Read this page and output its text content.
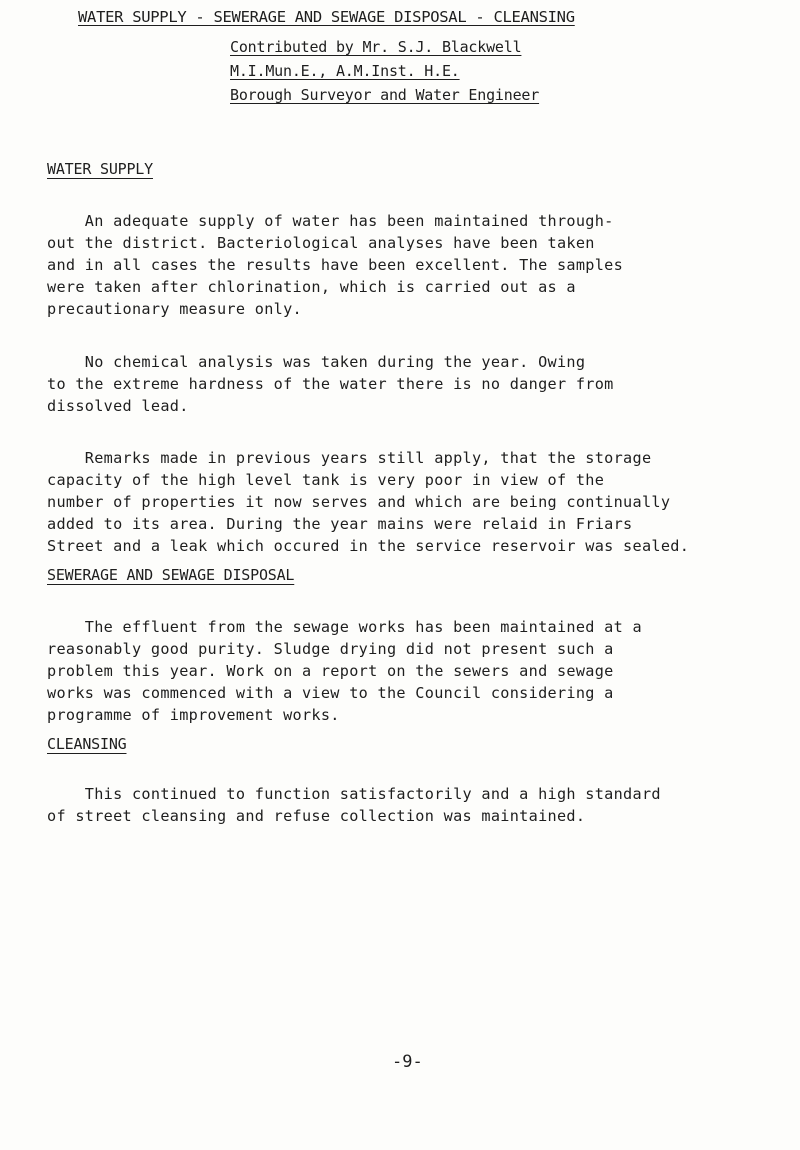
WATER SUPPLY - SEWERAGE AND SEWAGE DISPOSAL - CLEANSING
Contributed by Mr. S.J. Blackwell
M.I.Mun.E., A.M.Inst. H.E.
Borough Surveyor and Water Engineer
WATER SUPPLY

An adequate supply of water has been maintained through-
out the district. Bacteriological analyses have been taken
and in all cases the results have been excellent. The samples
were taken after chlorination, which is carried out as a
precautionary measure only.

No chemical analysis was taken during the year. Owing
to the extreme hardness of the water there is no danger from
dissolved lead.

Remarks made in previous years still apply, that the storage
capacity of the high level tank is very poor in view of the
number of properties it now serves and which are being continually
added to its area. During the year mains were relaid in Friars
Street and a leak which occured in the service reservoir was sealed.

SEWERAGE AND SEWAGE DISPOSAL

The effluent from the sewage works has been maintained at a
reasonably good purity. Sludge drying did not present such a
problem this year. Work on a report on the sewers and sewage
works was commenced with a view to the Council considering a
programme of improvement works.

CLEANSING

This continued to function satisfactorily and a high standard
of street cleansing and refuse collection was maintained.

-9-
